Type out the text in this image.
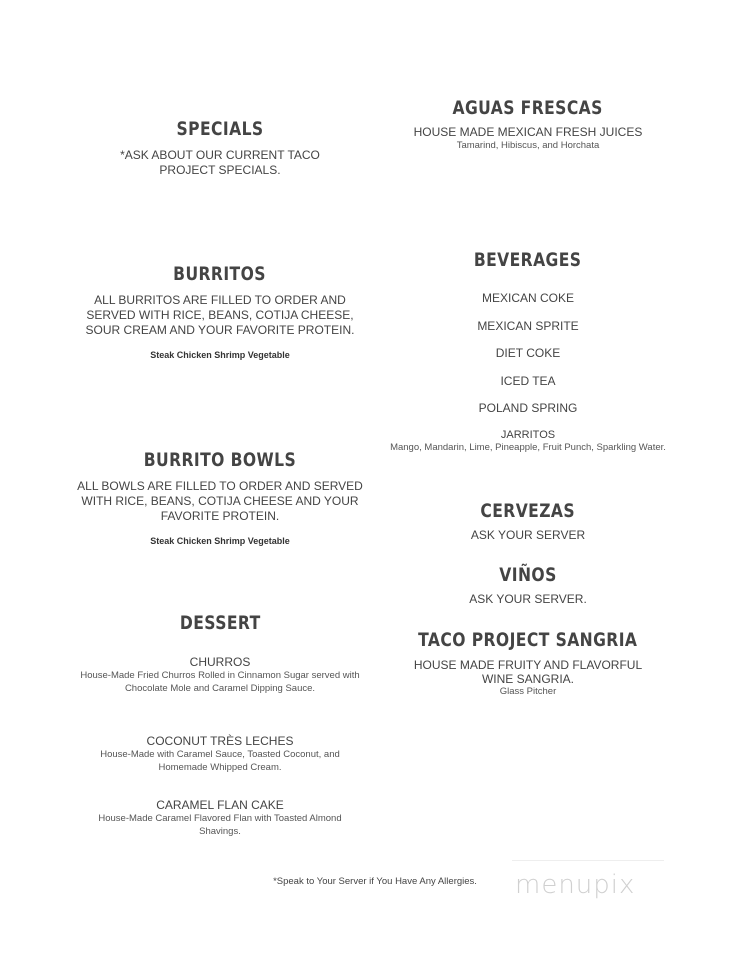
SPECIALS
*ASK ABOUT OUR CURRENT TACO PROJECT SPECIALS.
BURRITOS
ALL BURRITOS ARE FILLED TO ORDER AND SERVED WITH RICE, BEANS, COTIJA CHEESE, SOUR CREAM AND YOUR FAVORITE PROTEIN.
Steak Chicken Shrimp Vegetable
BURRITO BOWLS
ALL BOWLS ARE FILLED TO ORDER AND SERVED WITH RICE, BEANS, COTIJA CHEESE AND YOUR FAVORITE PROTEIN.
Steak Chicken Shrimp Vegetable
DESSERT
CHURROS
House-Made Fried Churros Rolled in Cinnamon Sugar served with Chocolate Mole and Caramel Dipping Sauce.
COCONUT TRÈS LECHES
House-Made with Caramel Sauce, Toasted Coconut, and Homemade Whipped Cream.
CARAMEL FLAN CAKE
House-Made Caramel Flavored Flan with Toasted Almond Shavings.
AGUAS FRESCAS
HOUSE MADE MEXICAN FRESH JUICES
Tamarind, Hibiscus, and Horchata
BEVERAGES
MEXICAN COKE
MEXICAN SPRITE
DIET COKE
ICED TEA
POLAND SPRING
JARRITOS
Mango, Mandarin, Lime, Pineapple, Fruit Punch, Sparkling Water.
CERVEZAS
ASK YOUR SERVER
VIÑOS
ASK YOUR SERVER.
TACO PROJECT SANGRIA
HOUSE MADE FRUITY AND FLAVORFUL WINE SANGRIA.
Glass Pitcher
*Speak to Your Server if You Have Any Allergies.	menupix
